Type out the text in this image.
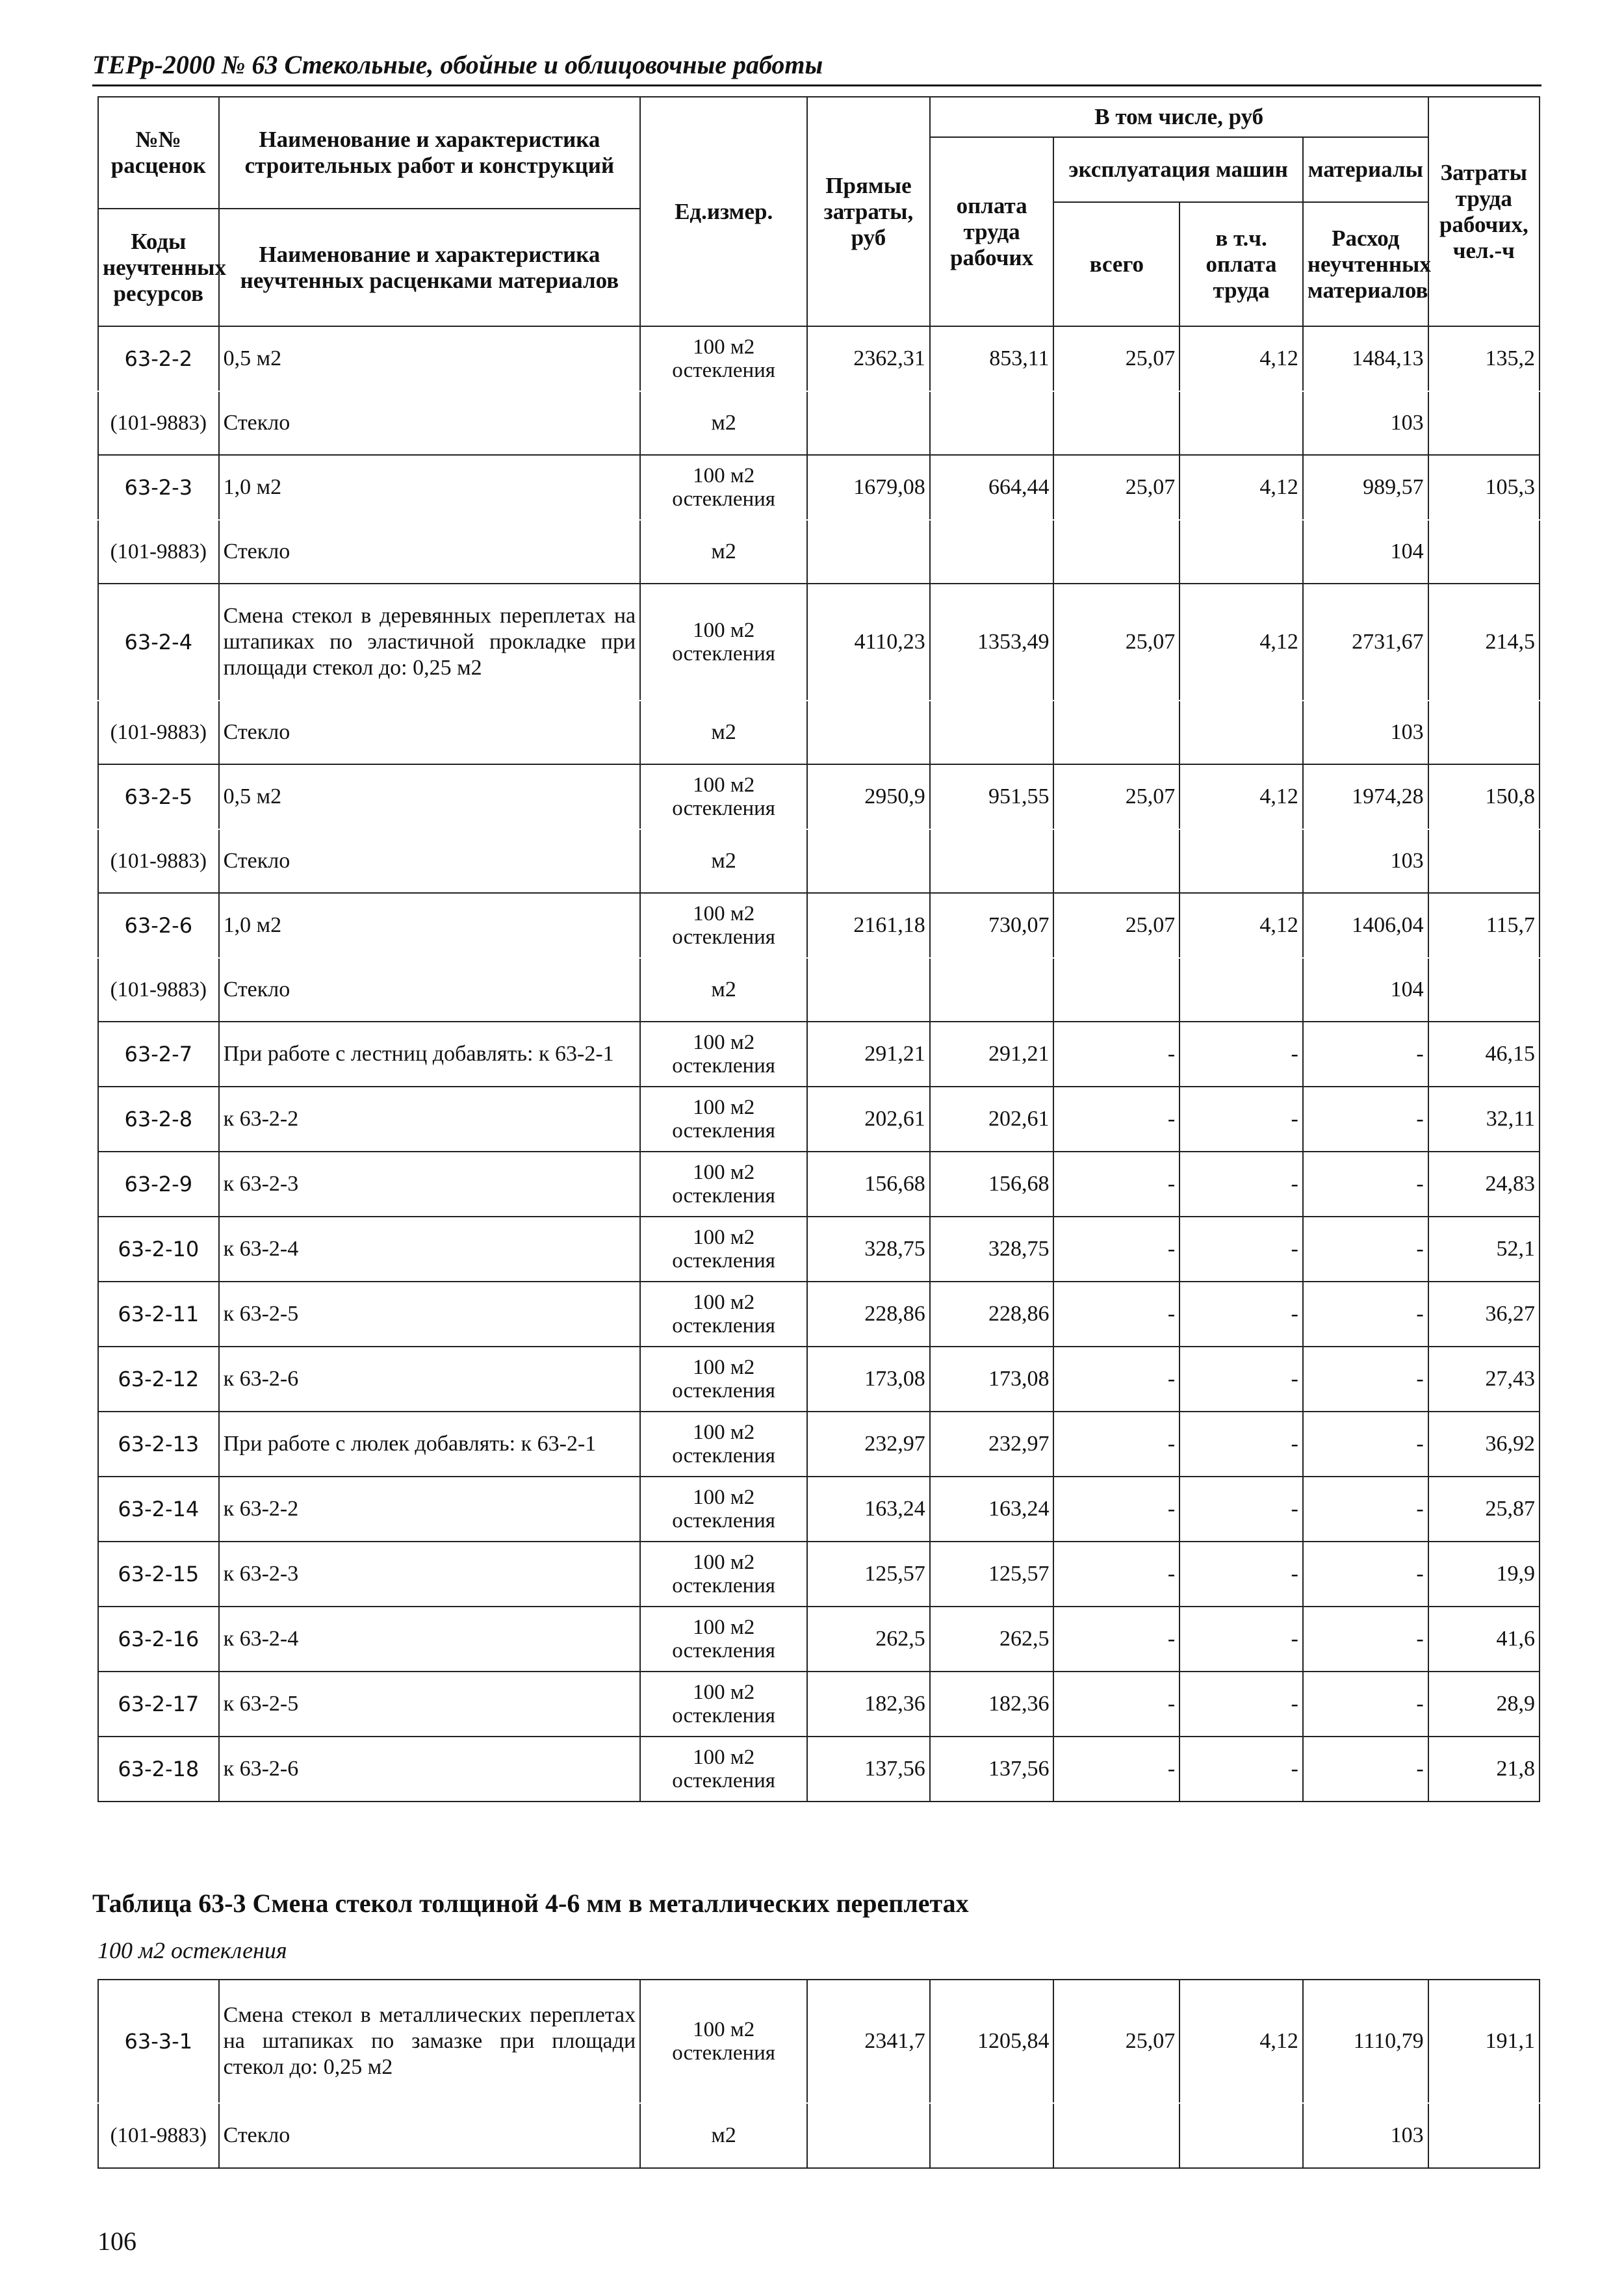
ТЕРр-2000 № 63 Стекольные, обойные и облицовочные работы
№№ расценок	Наименование и характеристика строительных работ и конструкций	Ед.измер.	Прямые затраты, руб	В том числе, руб				Затраты труда рабочих, чел.-ч
				оплата труда рабочих	эксплуатация машин		материалы	
					всего	в т.ч. оплата труда	Расход неучтенных материалов	
Коды неучтенных ресурсов	Наименование и характеристика неучтенных расценками материалов							

63-2-2	0,5 м2	100 м2 остекления	2362,31	853,11	25,07	4,12	1484,13	135,2
(101-9883)	Стекло	м2					103	
63-2-3	1,0 м2	100 м2 остекления	1679,08	664,44	25,07	4,12	989,57	105,3
(101-9883)	Стекло	м2					104	
63-2-4	Смена стекол в деревянных переплетах на штапиках по эластичной прокладке при площади стекол до: 0,25 м2	100 м2 остекления	4110,23	1353,49	25,07	4,12	2731,67	214,5
(101-9883)	Стекло	м2					103	
63-2-5	0,5 м2	100 м2 остекления	2950,9	951,55	25,07	4,12	1974,28	150,8
(101-9883)	Стекло	м2					103	
63-2-6	1,0 м2	100 м2 остекления	2161,18	730,07	25,07	4,12	1406,04	115,7
(101-9883)	Стекло	м2					104	
63-2-7	При работе с лестниц добавлять: к 63-2-1	100 м2 остекления	291,21	291,21	-	-	-	46,15
63-2-8	к 63-2-2	100 м2 остекления	202,61	202,61	-	-	-	32,11
63-2-9	к 63-2-3	100 м2 остекления	156,68	156,68	-	-	-	24,83
63-2-10	к 63-2-4	100 м2 остекления	328,75	328,75	-	-	-	52,1
63-2-11	к 63-2-5	100 м2 остекления	228,86	228,86	-	-	-	36,27
63-2-12	к 63-2-6	100 м2 остекления	173,08	173,08	-	-	-	27,43
63-2-13	При работе с люлек добавлять: к 63-2-1	100 м2 остекления	232,97	232,97	-	-	-	36,92
63-2-14	к 63-2-2	100 м2 остекления	163,24	163,24	-	-	-	25,87
63-2-15	к 63-2-3	100 м2 остекления	125,57	125,57	-	-	-	19,9
63-2-16	к 63-2-4	100 м2 остекления	262,5	262,5	-	-	-	41,6
63-2-17	к 63-2-5	100 м2 остекления	182,36	182,36	-	-	-	28,9
63-2-18	к 63-2-6	100 м2 остекления	137,56	137,56	-	-	-	21,8
Таблица 63-3 Смена стекол толщиной 4-6 мм в металлических переплетах
100 м2 остекления
63-3-1	Смена стекол в металлических переплетах на штапиках по замазке при площади стекол до: 0,25 м2	100 м2 остекления	2341,7	1205,84	25,07	4,12	1110,79	191,1
(101-9883)	Стекло	м2					103	
106
